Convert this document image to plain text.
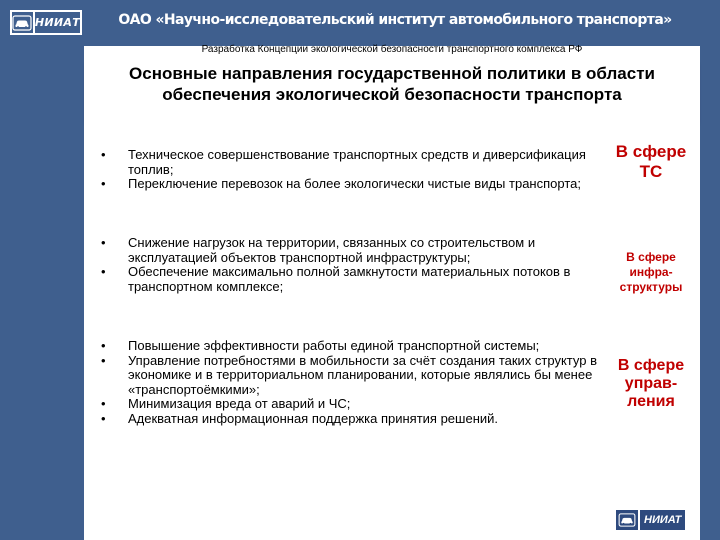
НИИАТ	ОАО «Научно-исследовательский институт автомобильного транспорта»
Разработка Концепции экологической безопасности транспортного комплекса РФ
Основные направления государственной политики в области
обеспечения экологической безопасности транспорта
• Техническое совершенствование транспортных средств и диверсификация топлив;
• Переключение перевозок на более экологически чистые виды транспорта;
В сфере ТС
• Снижение нагрузок на территории, связанных со строительством и эксплуатацией объектов транспортной инфраструктуры;
• Обеспечение максимально полной замкнутости материальных потоков в транспортном комплексе;
В сфере
инфра-
структуры
• Повышение эффективности работы единой транспортной системы;
• Управление потребностями в мобильности за счёт создания таких структур в экономике и в территориальном планировании, которые являлись бы менее «транспортоёмкими»;
• Минимизация вреда от аварий и ЧС;
• Адекватная информационная поддержка принятия решений.
В сфере
управ-
ления
НИИАТ
